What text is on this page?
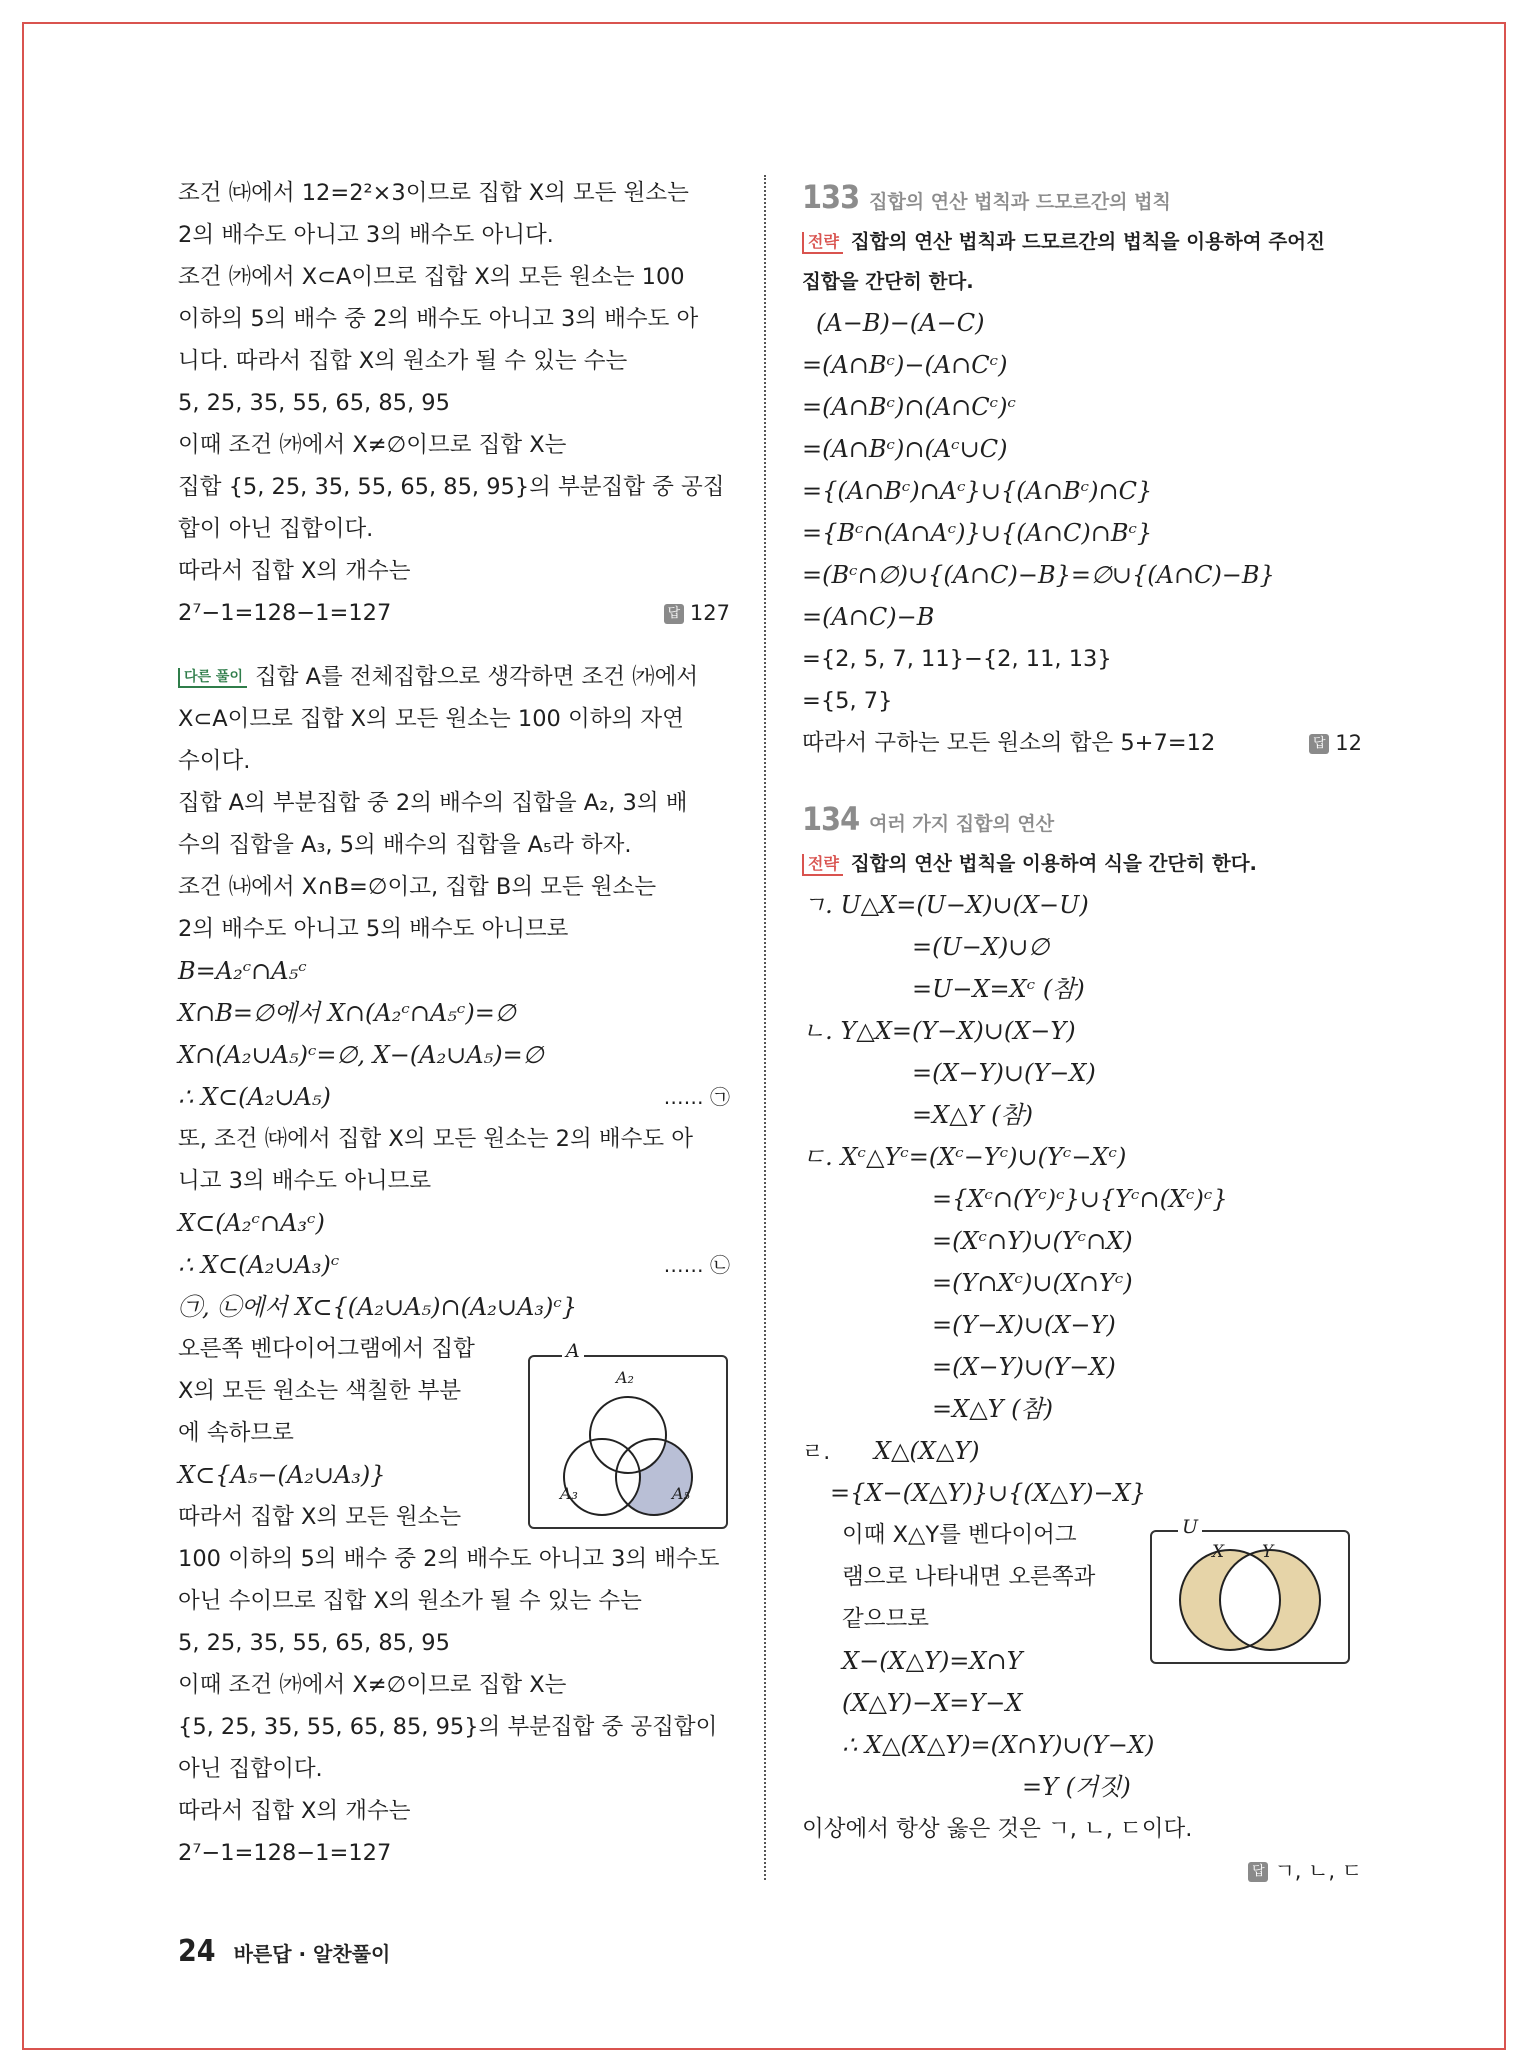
조건 ㈐에서 12=2²×3이므로 집합 X의 모든 원소는
2의 배수도 아니고 3의 배수도 아니다.
조건 ㈎에서 X⊂A이므로 집합 X의 모든 원소는 100
이하의 5의 배수 중 2의 배수도 아니고 3의 배수도 아
니다. 따라서 집합 X의 원소가 될 수 있는 수는
5, 25, 35, 55, 65, 85, 95
이때 조건 ㈎에서 X≠∅이므로 집합 X는
집합 {5, 25, 35, 55, 65, 85, 95}의 부분집합 중 공집
합이 아닌 집합이다.
따라서 집합 X의 개수는
2⁷−1=128−1=127	답 127
다른 풀이 집합 A를 전체집합으로 생각하면 조건 ㈎에서
X⊂A이므로 집합 X의 모든 원소는 100 이하의 자연
수이다.
집합 A의 부분집합 중 2의 배수의 집합을 A₂, 3의 배
수의 집합을 A₃, 5의 배수의 집합을 A₅라 하자.
조건 ㈏에서 X∩B=∅이고, 집합 B의 모든 원소는
2의 배수도 아니고 5의 배수도 아니므로
B=A₂ᶜ∩A₅ᶜ
X∩B=∅에서 X∩(A₂ᶜ∩A₅ᶜ)=∅
X∩(A₂∪A₅)ᶜ=∅, X−(A₂∪A₅)=∅
∴ X⊂(A₂∪A₅)	…… ㉠
또, 조건 ㈐에서 집합 X의 모든 원소는 2의 배수도 아
니고 3의 배수도 아니므로
X⊂(A₂ᶜ∩A₃ᶜ)
∴ X⊂(A₂∪A₃)ᶜ	…… ㉡
㉠, ㉡에서 X⊂{(A₂∪A₅)∩(A₂∪A₃)ᶜ}
오른쪽 벤다이어그램에서 집합
X의 모든 원소는 색칠한 부분
에 속하므로
X⊂{A₅−(A₂∪A₃)}
따라서 집합 X의 모든 원소는
100 이하의 5의 배수 중 2의 배수도 아니고 3의 배수도
아닌 수이므로 집합 X의 원소가 될 수 있는 수는
5, 25, 35, 55, 65, 85, 95
이때 조건 ㈎에서 X≠∅이므로 집합 X는
{5, 25, 35, 55, 65, 85, 95}의 부분집합 중 공집합이
아닌 집합이다.
따라서 집합 X의 개수는
2⁷−1=128−1=127
A
A₂
A₃	A₅
133 집합의 연산 법칙과 드모르간의 법칙
전략 집합의 연산 법칙과 드모르간의 법칙을 이용하여 주어진
집합을 간단히 한다.
(A−B)−(A−C)
=(A∩Bᶜ)−(A∩Cᶜ)
=(A∩Bᶜ)∩(A∩Cᶜ)ᶜ
=(A∩Bᶜ)∩(Aᶜ∪C)
={(A∩Bᶜ)∩Aᶜ}∪{(A∩Bᶜ)∩C}
={Bᶜ∩(A∩Aᶜ)}∪{(A∩C)∩Bᶜ}
=(Bᶜ∩∅)∪{(A∩C)−B}=∅∪{(A∩C)−B}
=(A∩C)−B
={2, 5, 7, 11}−{2, 11, 13}
={5, 7}
따라서 구하는 모든 원소의 합은 5+7=12	답 12
134 여러 가지 집합의 연산
전략 집합의 연산 법칙을 이용하여 식을 간단히 한다.
ㄱ. U△X=(U−X)∪(X−U)
=(U−X)∪∅
=U−X=Xᶜ (참)
ㄴ. Y△X=(Y−X)∪(X−Y)
=(X−Y)∪(Y−X)
=X△Y (참)
ㄷ. Xᶜ△Yᶜ=(Xᶜ−Yᶜ)∪(Yᶜ−Xᶜ)
={Xᶜ∩(Yᶜ)ᶜ}∪{Yᶜ∩(Xᶜ)ᶜ}
=(Xᶜ∩Y)∪(Yᶜ∩X)
=(Y∩Xᶜ)∪(X∩Yᶜ)
=(Y−X)∪(X−Y)
=(X−Y)∪(Y−X)
=X△Y (참)
ㄹ. X△(X△Y)
={X−(X△Y)}∪{(X△Y)−X}
이때 X△Y를 벤다이어그
램으로 나타내면 오른쪽과
같으므로
X−(X△Y)=X∩Y
(X△Y)−X=Y−X
∴ X△(X△Y)=(X∩Y)∪(Y−X)
=Y (거짓)
이상에서 항상 옳은 것은 ㄱ, ㄴ, ㄷ이다.
답 ㄱ, ㄴ, ㄷ
U
X Y
24 바른답 · 알찬풀이
